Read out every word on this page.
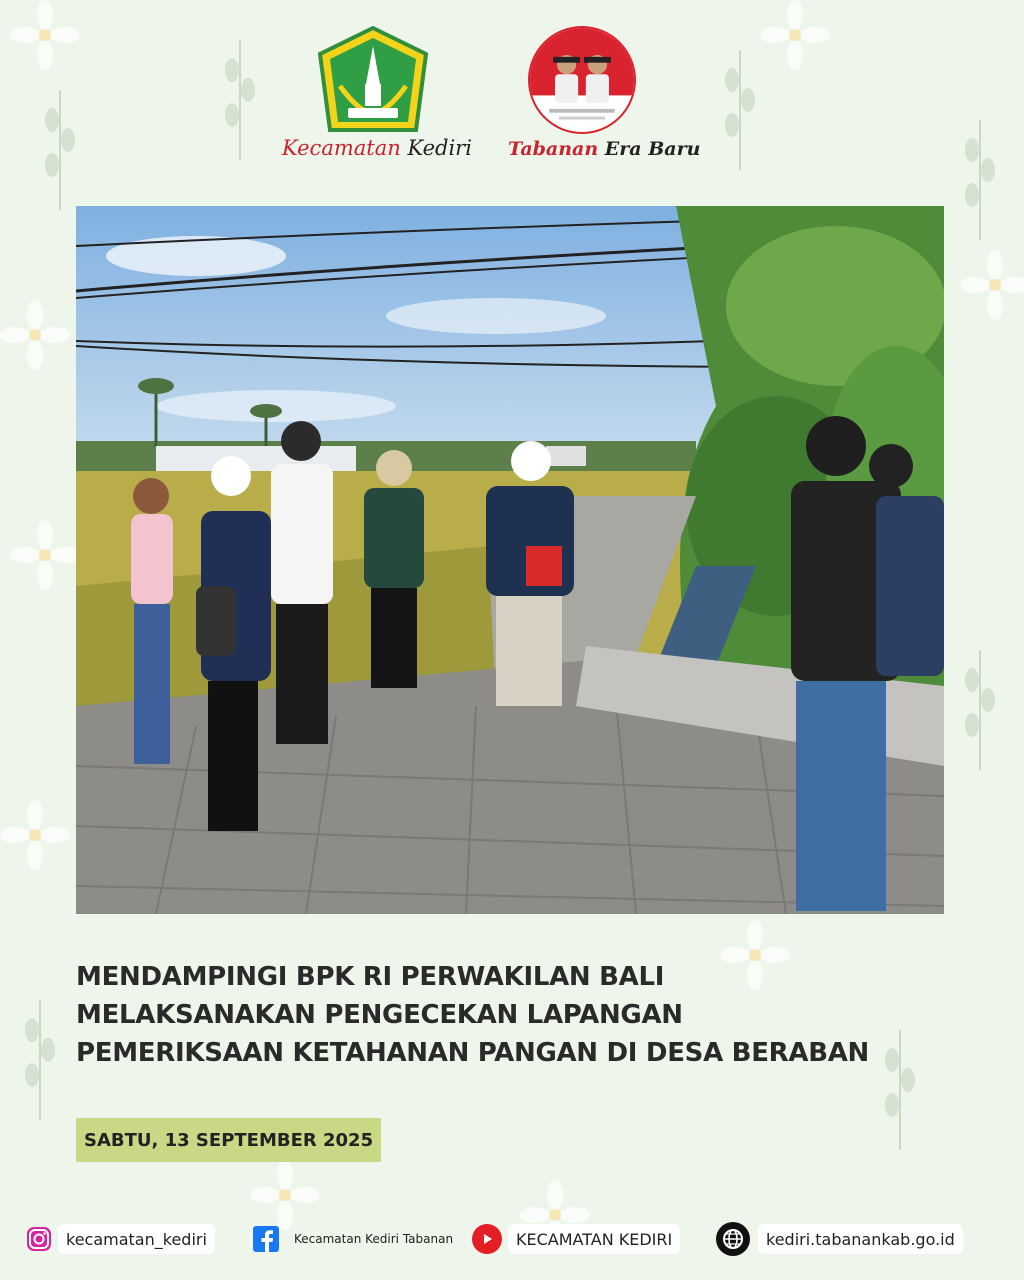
Kecamatan Kediri	Tabanan Era Baru
MENDAMPINGI BPK RI PERWAKILAN BALI
MELAKSANAKAN PENGECEKAN LAPANGAN
PEMERIKSAAN KETAHANAN PANGAN DI DESA BERABAN
SABTU, 13 SEPTEMBER 2025
kecamatan_kediri	Kecamatan Kediri Tabanan	KECAMATAN KEDIRI	kediri.tabanankab.go.id
